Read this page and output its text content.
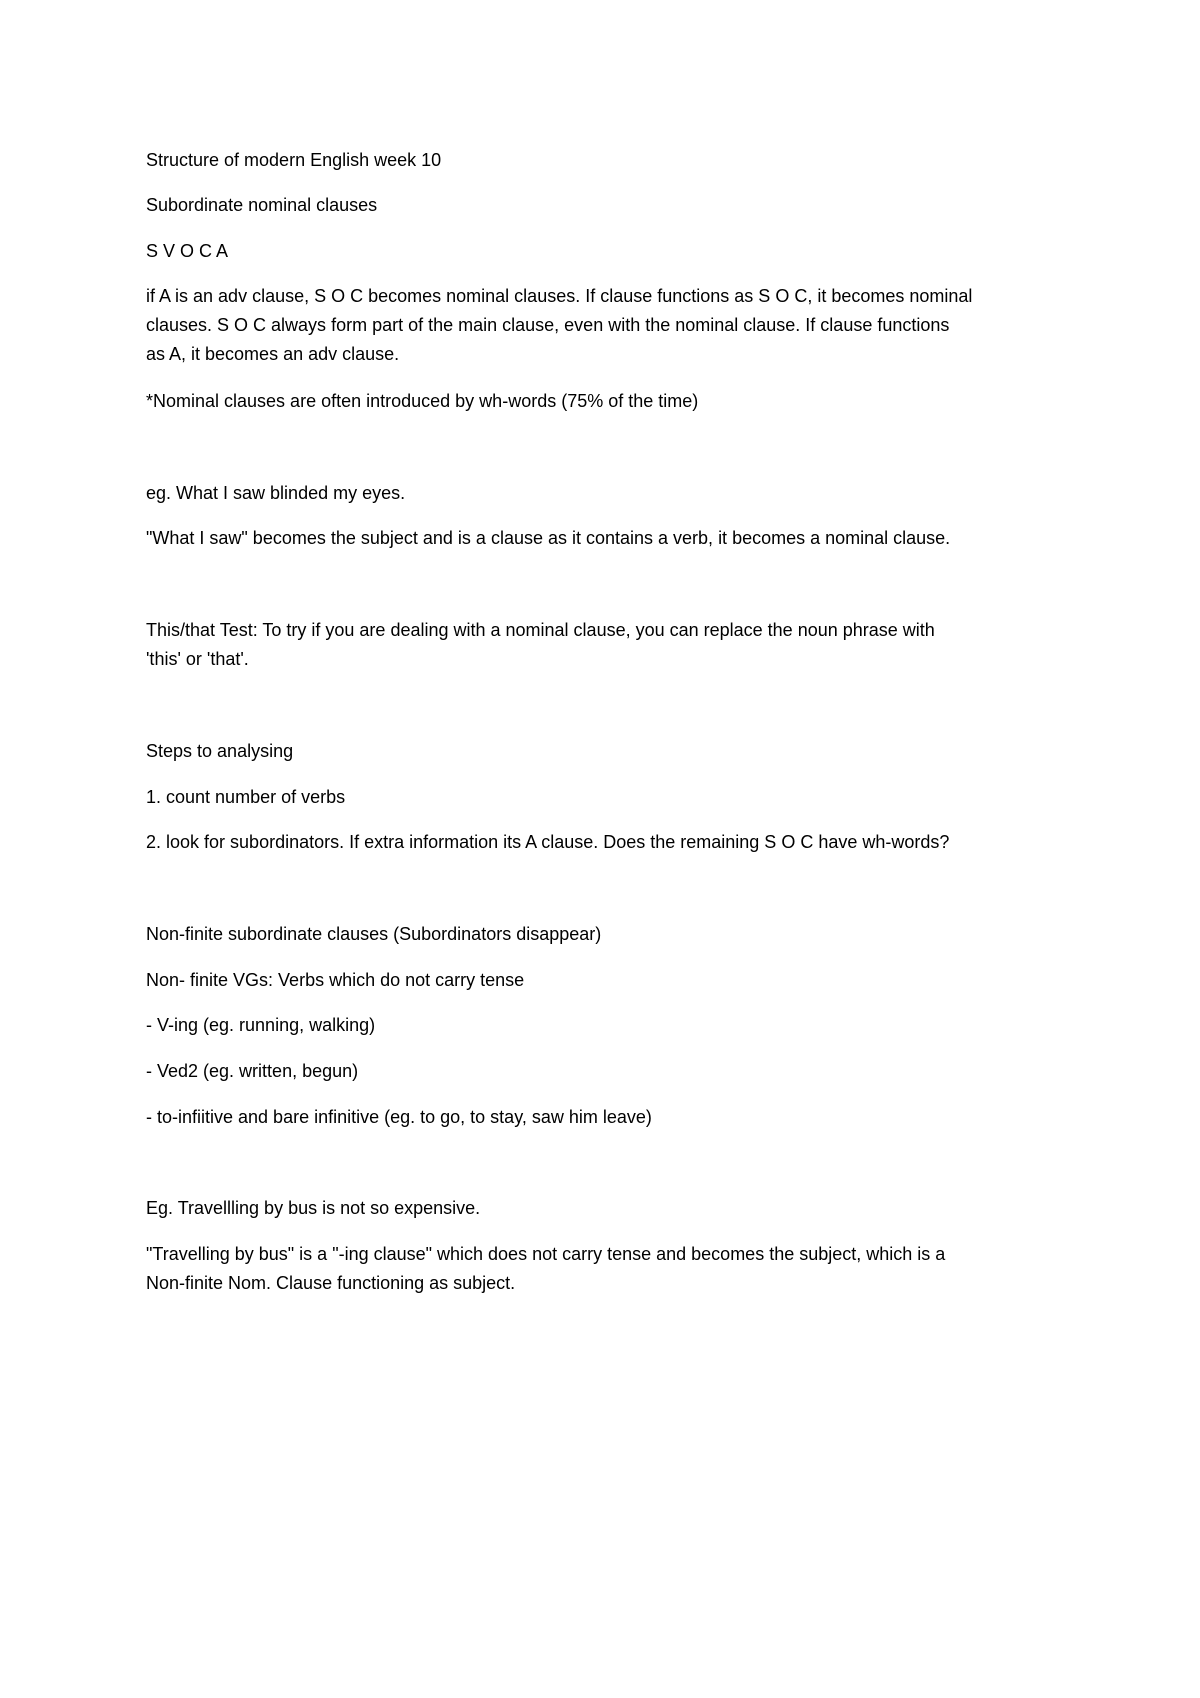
Structure of modern English week 10
Subordinate nominal clauses
S V O C A
if A is an adv clause, S O C becomes nominal clauses. If clause functions as S O C, it becomes nominal
clauses. S O C always form part of the main clause, even with the nominal clause. If clause functions
as A, it becomes an adv clause.
*Nominal clauses are often introduced by wh-words (75% of the time)
eg. What I saw blinded my eyes.
"What I saw" becomes the subject and is a clause as it contains a verb, it becomes a nominal clause.
This/that Test: To try if you are dealing with a nominal clause, you can replace the noun phrase with
'this' or 'that'.
Steps to analysing
1. count number of verbs
2. look for subordinators. If extra information its A clause. Does the remaining S O C have wh-words?
Non-finite subordinate clauses (Subordinators disappear)
Non- finite VGs: Verbs which do not carry tense
- V-ing (eg. running, walking)
- Ved2 (eg. written, begun)
- to-infiitive and bare infinitive (eg. to go, to stay, saw him leave)
Eg. Travellling by bus is not so expensive.
"Travelling by bus" is a "-ing clause" which does not carry tense and becomes the subject, which is a
Non-finite Nom. Clause functioning as subject.
